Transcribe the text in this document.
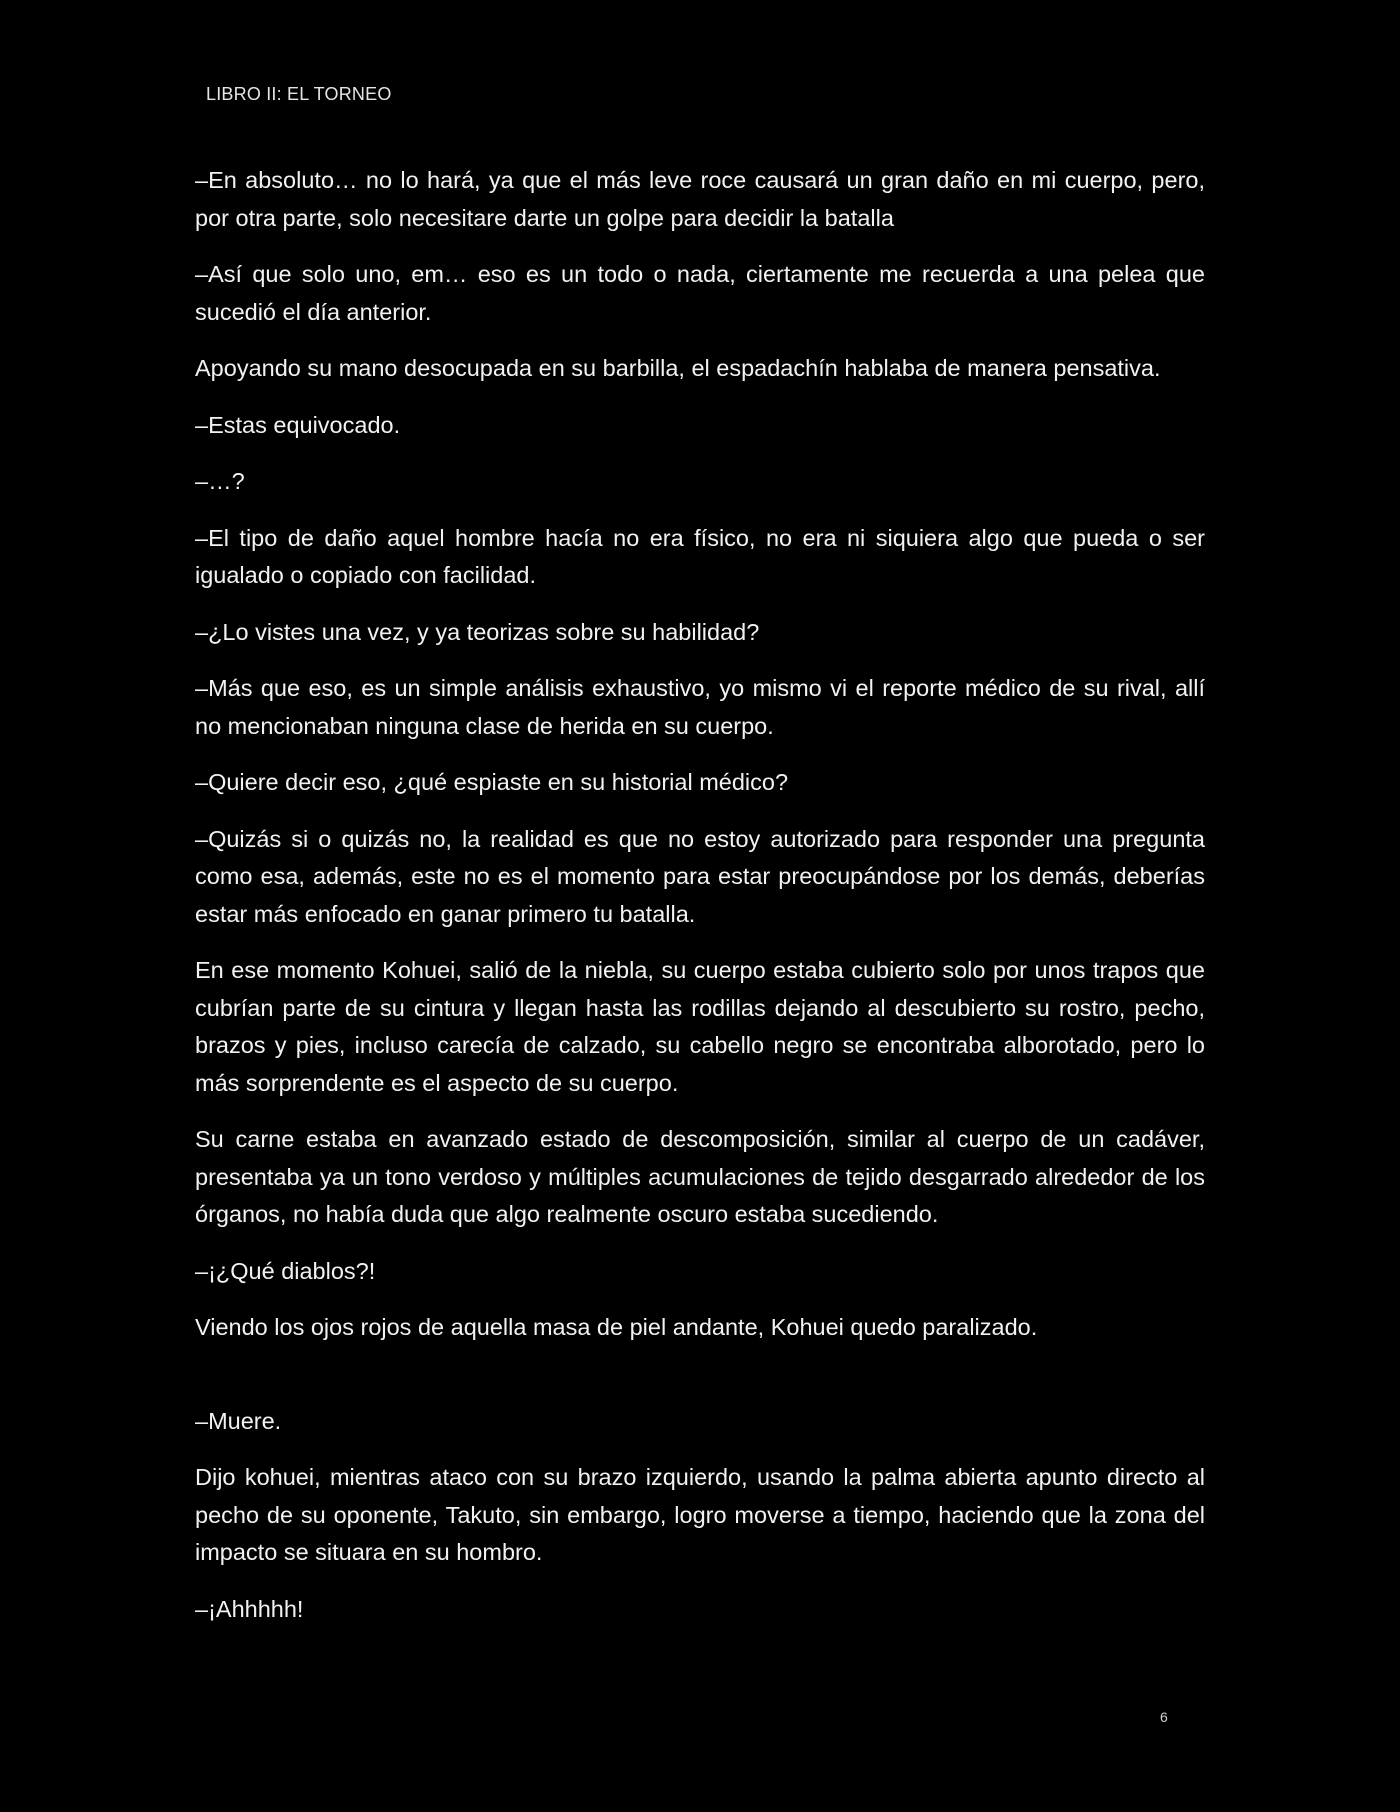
LIBRO II: EL TORNEO

–En absoluto… no lo hará, ya que el más leve roce causará un gran daño en mi cuerpo, pero, por otra parte, solo necesitare darte un golpe para decidir la batalla

–Así que solo uno, em… eso es un todo o nada, ciertamente me recuerda a una pelea que sucedió el día anterior.

Apoyando su mano desocupada en su barbilla, el espadachín hablaba de manera pensativa.

–Estas equivocado.

–…?

–El tipo de daño aquel hombre hacía no era físico, no era ni siquiera algo que pueda o ser igualado o copiado con facilidad.

–¿Lo vistes una vez, y ya teorizas sobre su habilidad?

–Más que eso, es un simple análisis exhaustivo, yo mismo vi el reporte médico de su rival, allí no mencionaban ninguna clase de herida en su cuerpo.

–Quiere decir eso, ¿qué espiaste en su historial médico?

–Quizás si o quizás no, la realidad es que no estoy autorizado para responder una pregunta como esa, además, este no es el momento para estar preocupándose por los demás, deberías estar más enfocado en ganar primero tu batalla.

En ese momento Kohuei, salió de la niebla, su cuerpo estaba cubierto solo por unos trapos que cubrían parte de su cintura y llegan hasta las rodillas dejando al descubierto su rostro, pecho, brazos y pies, incluso carecía de calzado, su cabello negro se encontraba alborotado, pero lo más sorprendente es el aspecto de su cuerpo.

Su carne estaba en avanzado estado de descomposición, similar al cuerpo de un cadáver, presentaba ya un tono verdoso y múltiples acumulaciones de tejido desgarrado alrededor de los órganos, no había duda que algo realmente oscuro estaba sucediendo.

–¡¿Qué diablos?!

Viendo los ojos rojos de aquella masa de piel andante, Kohuei quedo paralizado.

–Muere.

Dijo kohuei, mientras ataco con su brazo izquierdo, usando la palma abierta apunto directo al pecho de su oponente, Takuto, sin embargo, logro moverse a tiempo, haciendo que la zona del impacto se situara en su hombro.

–¡Ahhhhh!

6
